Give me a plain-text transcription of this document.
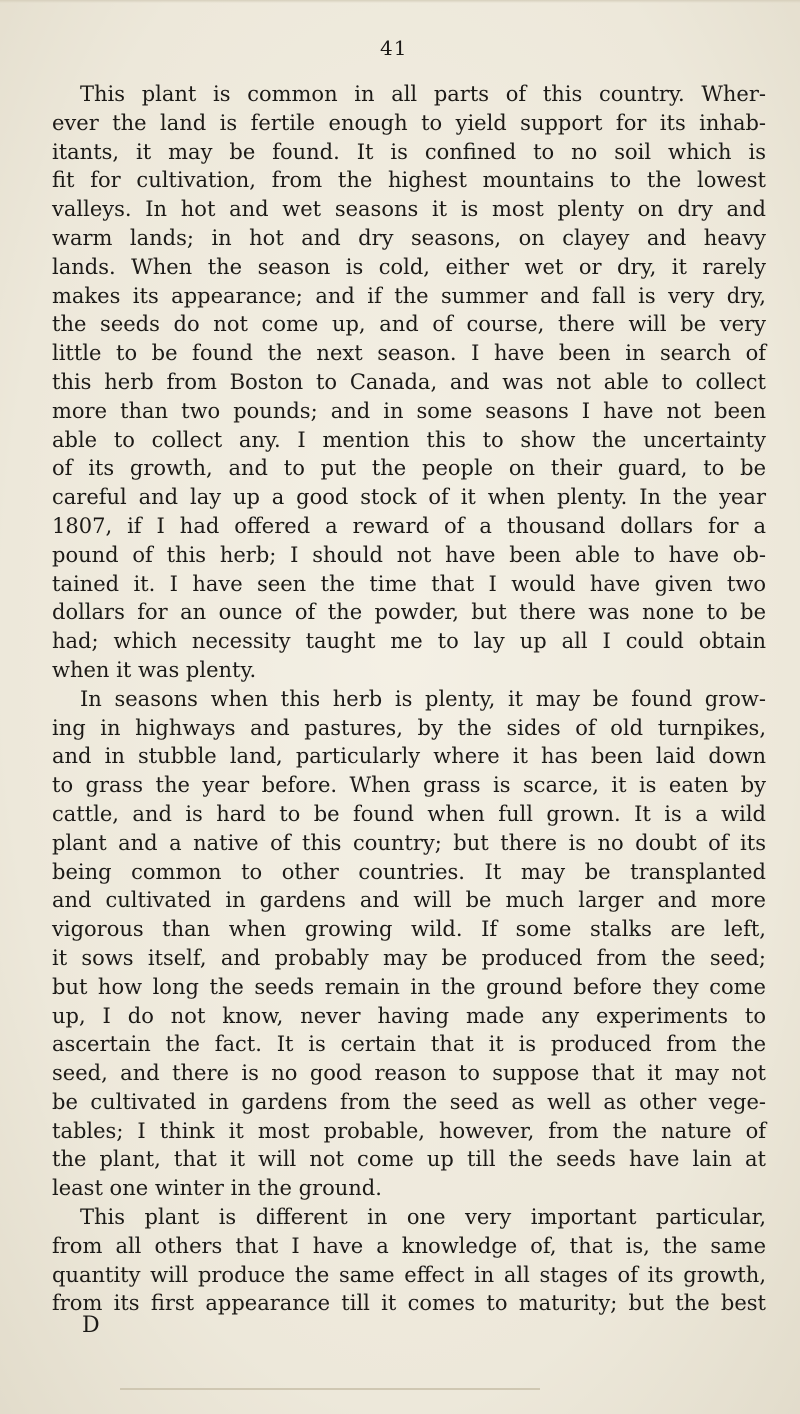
41
This plant is common in all parts of this country. Wher-
ever the land is fertile enough to yield support for its inhab-
itants, it may be found. It is confined to no soil which is
fit for cultivation, from the highest mountains to the lowest
valleys. In hot and wet seasons it is most plenty on dry and
warm lands; in hot and dry seasons, on clayey and heavy
lands. When the season is cold, either wet or dry, it rarely
makes its appearance; and if the summer and fall is very dry,
the seeds do not come up, and of course, there will be very
little to be found the next season. I have been in search of
this herb from Boston to Canada, and was not able to collect
more than two pounds; and in some seasons I have not been
able to collect any. I mention this to show the uncertainty
of its growth, and to put the people on their guard, to be
careful and lay up a good stock of it when plenty. In the year
1807, if I had offered a reward of a thousand dollars for a
pound of this herb; I should not have been able to have ob-
tained it. I have seen the time that I would have given two
dollars for an ounce of the powder, but there was none to be
had; which necessity taught me to lay up all I could obtain
when it was plenty.
In seasons when this herb is plenty, it may be found grow-
ing in highways and pastures, by the sides of old turnpikes,
and in stubble land, particularly where it has been laid down
to grass the year before. When grass is scarce, it is eaten by
cattle, and is hard to be found when full grown. It is a wild
plant and a native of this country; but there is no doubt of its
being common to other countries. It may be transplanted
and cultivated in gardens and will be much larger and more
vigorous than when growing wild. If some stalks are left,
it sows itself, and probably may be produced from the seed;
but how long the seeds remain in the ground before they come
up, I do not know, never having made any experiments to
ascertain the fact. It is certain that it is produced from the
seed, and there is no good reason to suppose that it may not
be cultivated in gardens from the seed as well as other vege-
tables; I think it most probable, however, from the nature of
the plant, that it will not come up till the seeds have lain at
least one winter in the ground.
This plant is different in one very important particular,
from all others that I have a knowledge of, that is, the same
quantity will produce the same effect in all stages of its growth,
from its first appearance till it comes to maturity; but the best
D
